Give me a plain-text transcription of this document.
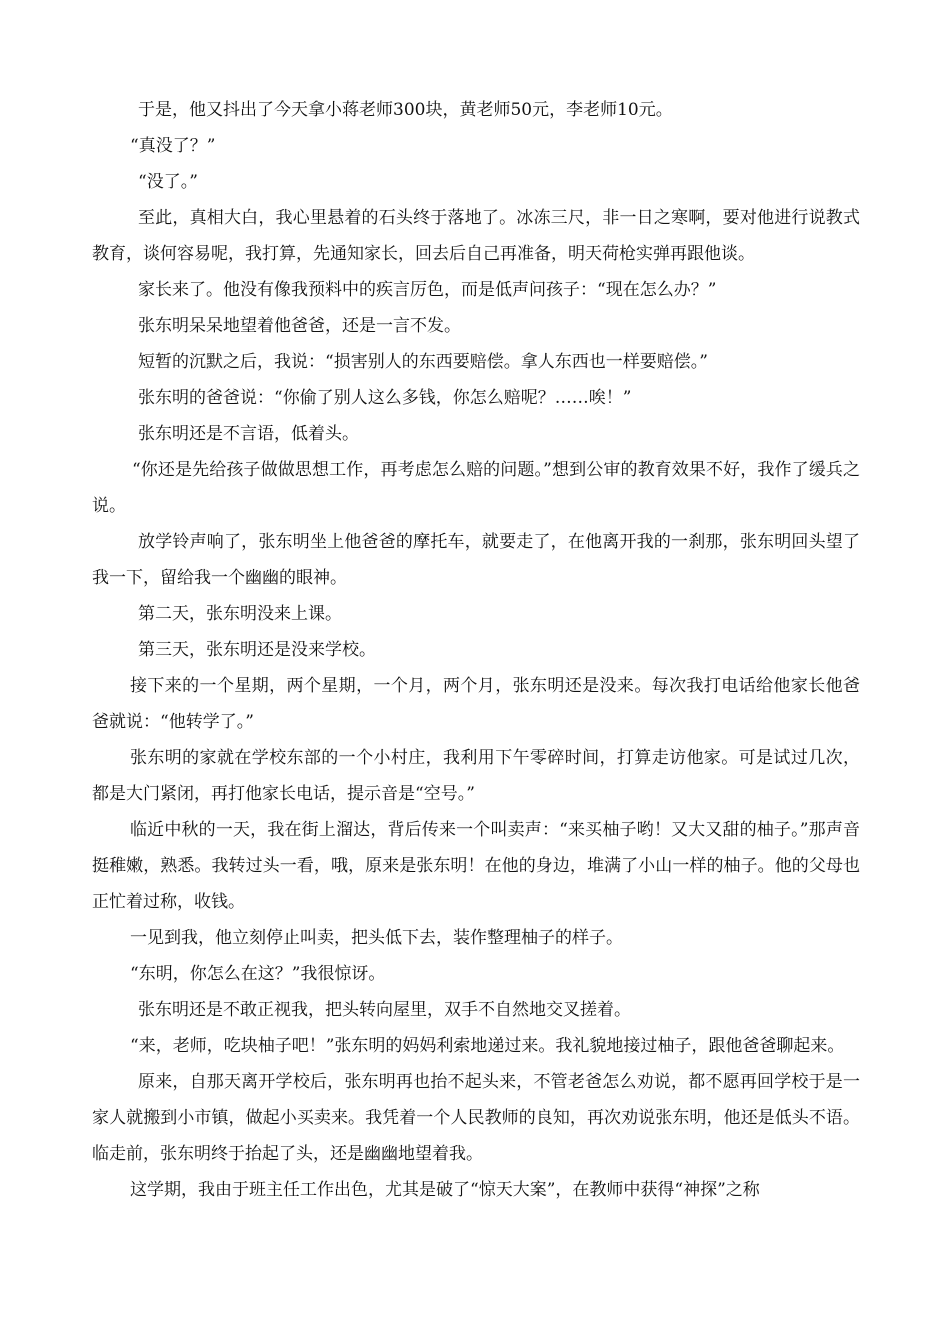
于是，他又抖出了今天拿小蒋老师300块，黄老师50元，李老师10元。

“真没了？”

“没了。”

至此，真相大白，我心里悬着的石头终于落地了。冰冻三尺，非一日之寒啊，要对他进行说教式教育，谈何容易呢，我打算，先通知家长，回去后自己再准备，明天荷枪实弹再跟他谈。

家长来了。他没有像我预料中的疾言厉色，而是低声问孩子：“现在怎么办？”

张东明呆呆地望着他爸爸，还是一言不发。

短暂的沉默之后，我说：“损害别人的东西要赔偿。拿人东西也一样要赔偿。”

张东明的爸爸说：“你偷了别人这么多钱，你怎么赔呢？……唉！”

张东明还是不言语，低着头。

“你还是先给孩子做做思想工作，再考虑怎么赔的问题。”想到公审的教育效果不好，我作了缓兵之说。

放学铃声响了，张东明坐上他爸爸的摩托车，就要走了，在他离开我的一刹那，张东明回头望了我一下，留给我一个幽幽的眼神。

第二天，张东明没来上课。

第三天，张东明还是没来学校。

接下来的一个星期，两个星期，一个月，两个月，张东明还是没来。每次我打电话给他家长他爸爸就说：“他转学了。”

张东明的家就在学校东部的一个小村庄，我利用下午零碎时间，打算走访他家。可是试过几次，都是大门紧闭，再打他家长电话，提示音是“空号。”

临近中秋的一天，我在街上溜达，背后传来一个叫卖声：“来买柚子哟！又大又甜的柚子。”那声音挺稚嫩，熟悉。我转过头一看，哦，原来是张东明！在他的身边，堆满了小山一样的柚子。他的父母也正忙着过称，收钱。

一见到我，他立刻停止叫卖，把头低下去，装作整理柚子的样子。

“东明，你怎么在这？”我很惊讶。

张东明还是不敢正视我，把头转向屋里，双手不自然地交叉搓着。

“来，老师，吃块柚子吧！”张东明的妈妈利索地递过来。我礼貌地接过柚子，跟他爸爸聊起来。

原来，自那天离开学校后，张东明再也抬不起头来，不管老爸怎么劝说，都不愿再回学校于是一家人就搬到小市镇，做起小买卖来。我凭着一个人民教师的良知，再次劝说张东明，他还是低头不语。临走前，张东明终于抬起了头，还是幽幽地望着我。

这学期，我由于班主任工作出色，尤其是破了“惊天大案”，在教师中获得“神探”之称
